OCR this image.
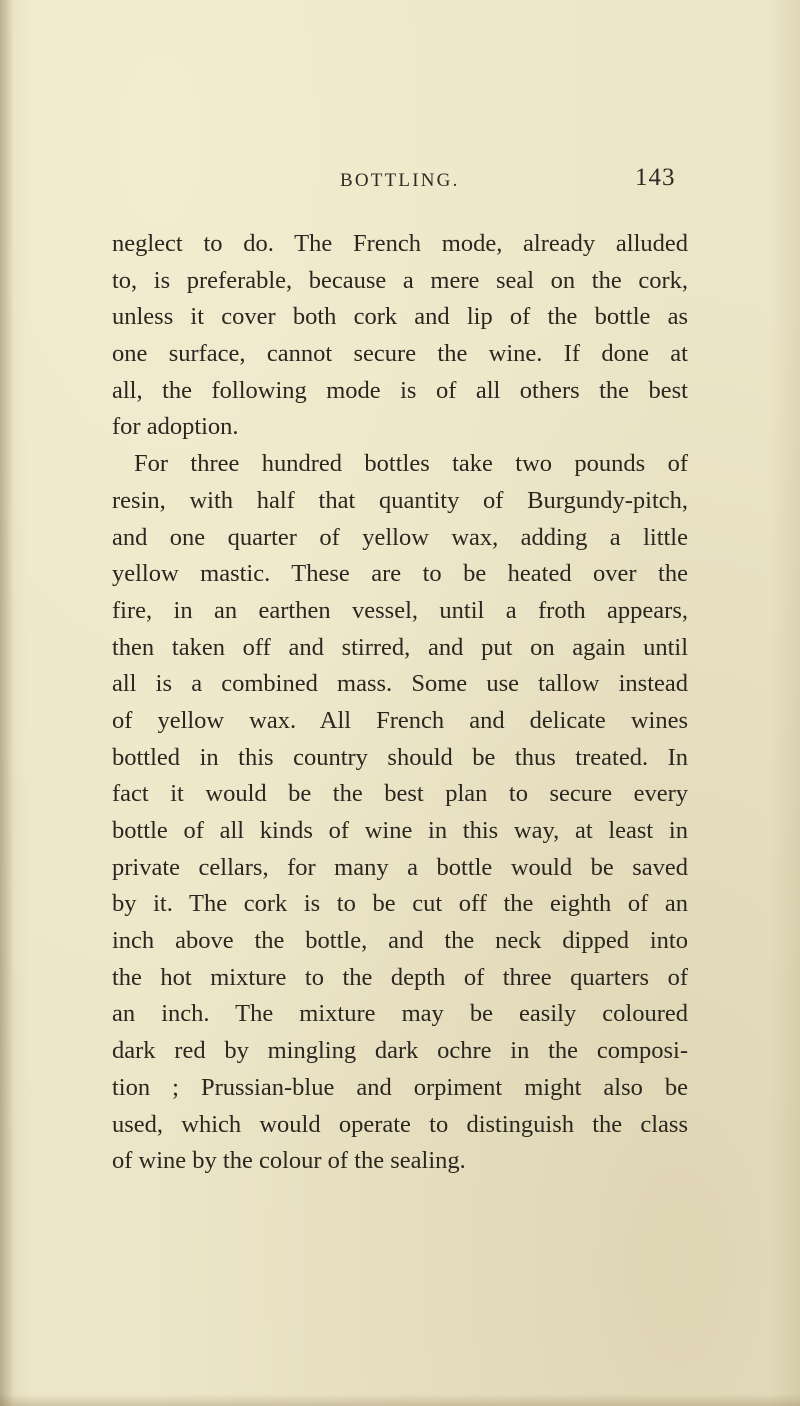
BOTTLING.	143
neglect to do. The French mode, already alluded
to, is preferable, because a mere seal on the cork,
unless it cover both cork and lip of the bottle as
one surface, cannot secure the wine. If done at
all, the following mode is of all others the best
for adoption.
For three hundred bottles take two pounds of
resin, with half that quantity of Burgundy-pitch,
and one quarter of yellow wax, adding a little
yellow mastic. These are to be heated over the
fire, in an earthen vessel, until a froth appears,
then taken off and stirred, and put on again until
all is a combined mass. Some use tallow instead
of yellow wax. All French and delicate wines
bottled in this country should be thus treated. In
fact it would be the best plan to secure every
bottle of all kinds of wine in this way, at least in
private cellars, for many a bottle would be saved
by it. The cork is to be cut off the eighth of an
inch above the bottle, and the neck dipped into
the hot mixture to the depth of three quarters of
an inch. The mixture may be easily coloured
dark red by mingling dark ochre in the composi-
tion ; Prussian-blue and orpiment might also be
used, which would operate to distinguish the class
of wine by the colour of the sealing.
